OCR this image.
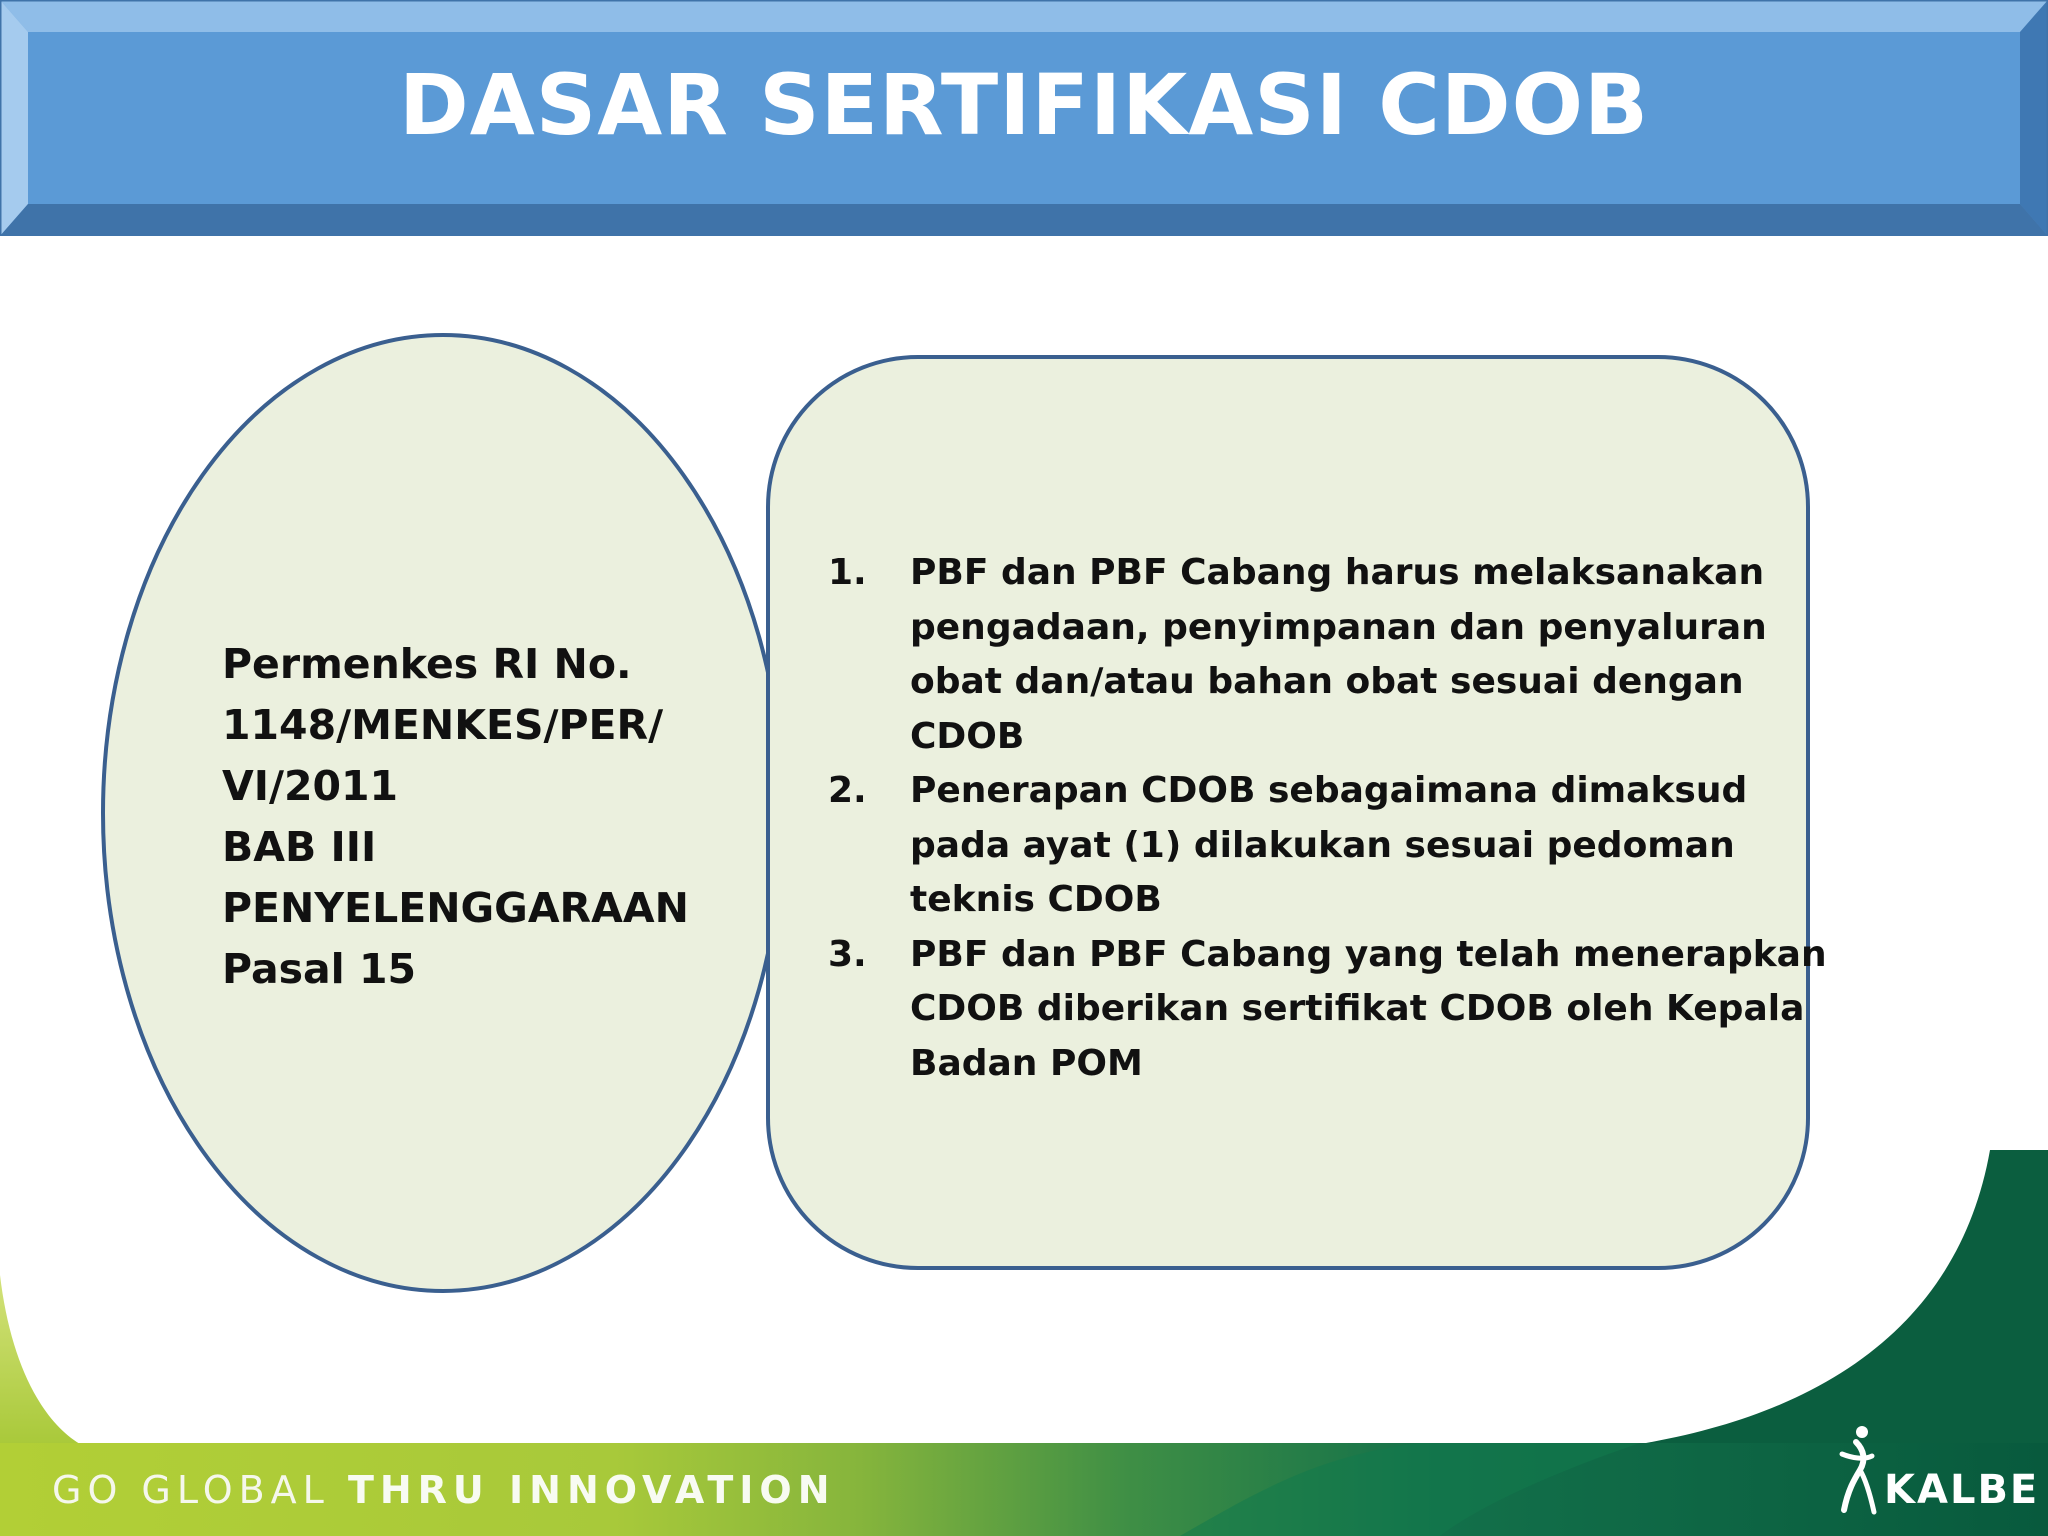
DASAR SERTIFIKASI CDOB
Permenkes RI No.
1148/MENKES/PER/
VI/2011
BAB III
PENYELENGGARAAN
Pasal 15
1. PBF dan PBF Cabang harus melaksanakan
pengadaan, penyimpanan dan penyaluran
obat dan/atau bahan obat sesuai dengan
CDOB
2. Penerapan CDOB sebagaimana dimaksud
pada ayat (1) dilakukan sesuai pedoman
teknis CDOB
3. PBF dan PBF Cabang yang telah menerapkan
CDOB diberikan sertifikat CDOB oleh Kepala
Badan POM
GO GLOBAL THRU INNOVATION	KALBE
